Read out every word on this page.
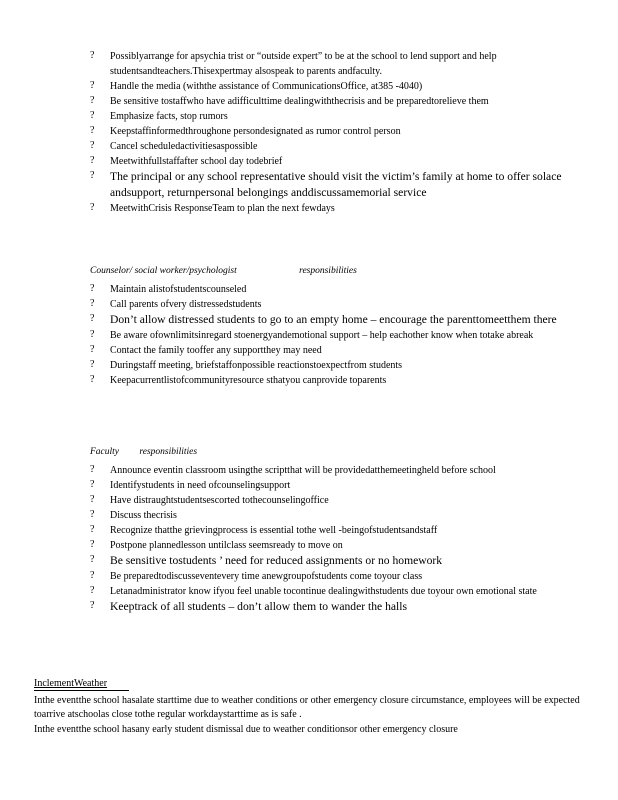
? Possiblyarrange for apsychia trist or “outside expert” to be at the school to lend support and help studentsandteachers.Thisexpertmay alsospeak to parents andfaculty.
? Handle the media (withthe assistance of CommunicationsOffice, at385 -4040)
? Be sensitive tostaffwho have adifficulttime dealingwiththecrisis and be preparedtorelieve them
? Emphasize facts, stop rumors
? Keepstaffinformedthroughone persondesignated as rumor control person
? Cancel scheduledactivitiesaspossible
? Meetwithfullstaffafter school day todebrief
? The principal or any school representative should visit the victim’s family at home to offer solace andsupport, returnpersonal belongings anddiscussamemorial service
? MeetwithCrisis ResponseTeam to plan the next fewdays
Counselor/ social worker/psychologist	responsibilities
? Maintain alistofstudentscounseled
? Call parents ofvery distressedstudents
? Don’t allow distressed students to go to an empty home – encourage the parenttomeetthem there
? Be aware ofownlimitsinregard stoenergyandemotional support – help eachother know when totake abreak
? Contact the family tooffer any supportthey may need
? Duringstaff meeting, briefstaffonpossible reactionstoexpectfrom students
? Keepacurrentlistofcommunityresource sthatyou canprovide toparents
Faculty responsibilities
? Announce eventin classroom usingthe scriptthat will be providedatthemeetingheld before school
? Identifystudents in need ofcounselingsupport
? Have distraughtstudentsescorted tothecounselingoffice
? Discuss thecrisis
? Recognize thatthe grievingprocess is essential tothe well -beingofstudentsandstaff
? Postpone plannedlesson untilclass seemsready to move on
? Be sensitive tostudents ’ need for reduced assignments or no homework
? Be preparedtodiscusseventevery time anewgroupofstudents come toyour class
? Letanadministrator know ifyou feel unable tocontinue dealingwithstudents due toyour own emotional state
? Keeptrack of all students – don’t allow them to wander the halls
InclementWeather
Inthe eventthe school hasalate starttime due to weather conditions or other emergency closure circumstance, employees will be expected toarrive atschoolas close tothe regular workdaystarttime as is safe .
Inthe eventthe school hasany early student dismissal due to weather conditionsor other emergency closure
